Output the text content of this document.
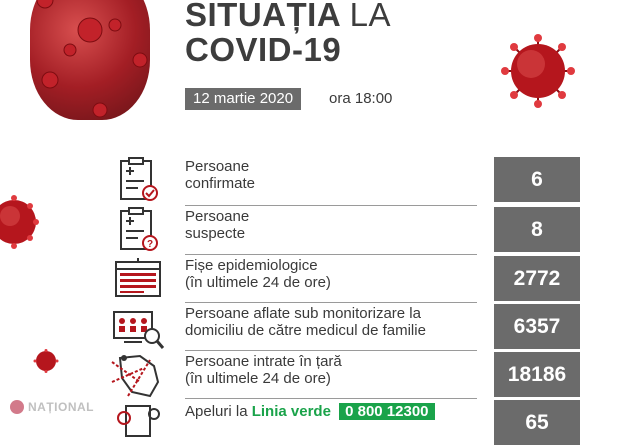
SITUAȚIA LA
COVID-19
12 martie 2020	ora 18:00
Persoane
confirmate	6
?
Persoane
suspecte	8
Fișe epidemiologice
(în ultimele 24 de ore)	2772
Persoane aflate sub monitorizare la
domiciliu de către medicul de familie	6357
Persoane intrate în țară
(în ultimele 24 de ore)	18186
Apeluri la Linia verde 0 800 12300	65
NAȚIONAL
